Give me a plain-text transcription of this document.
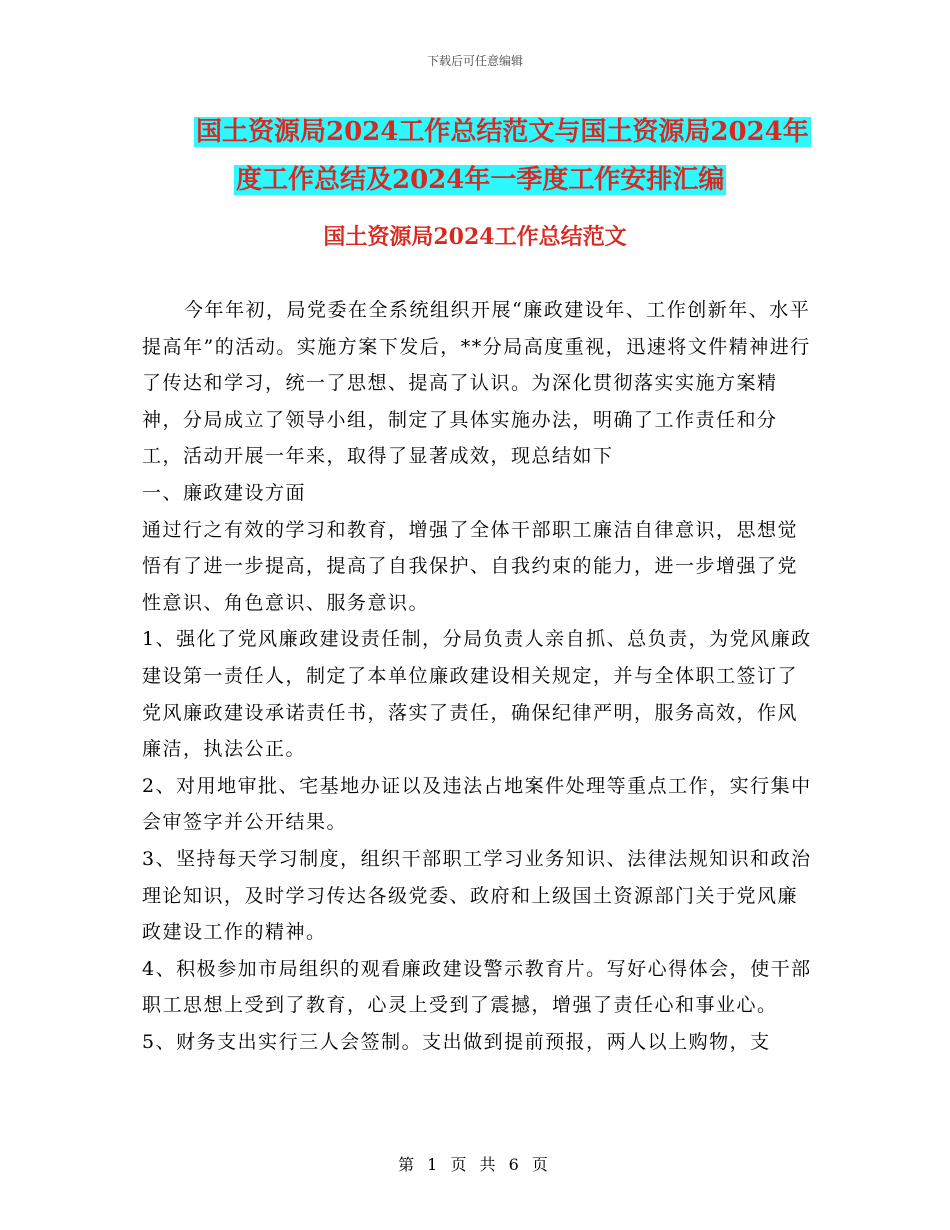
下载后可任意编辑
国土资源局2024工作总结范文与国土资源局2024年
度工作总结及2024年一季度工作安排汇编
国土资源局2024工作总结范文

今年年初，局党委在全系统组织开展“廉政建设年、工作创新年、水平提高年”的活动。实施方案下发后，**分局高度重视，迅速将文件精神进行了传达和学习，统一了思想、提高了认识。为深化贯彻落实实施方案精神，分局成立了领导小组，制定了具体实施办法，明确了工作责任和分工，活动开展一年来，取得了显著成效，现总结如下

一、廉政建设方面

通过行之有效的学习和教育，增强了全体干部职工廉洁自律意识，思想觉悟有了进一步提高，提高了自我保护、自我约束的能力，进一步增强了党性意识、角色意识、服务意识。

1、强化了党风廉政建设责任制，分局负责人亲自抓、总负责，为党风廉政建设第一责任人，制定了本单位廉政建设相关规定，并与全体职工签订了党风廉政建设承诺责任书，落实了责任，确保纪律严明，服务高效，作风廉洁，执法公正。

2、对用地审批、宅基地办证以及违法占地案件处理等重点工作，实行集中会审签字并公开结果。

3、坚持每天学习制度，组织干部职工学习业务知识、法律法规知识和政治理论知识，及时学习传达各级党委、政府和上级国土资源部门关于党风廉政建设工作的精神。

4、积极参加市局组织的观看廉政建设警示教育片。写好心得体会，使干部职工思想上受到了教育，心灵上受到了震撼，增强了责任心和事业心。

5、财务支出实行三人会签制。支出做到提前预报，两人以上购物，支

第 1 页 共 6 页
